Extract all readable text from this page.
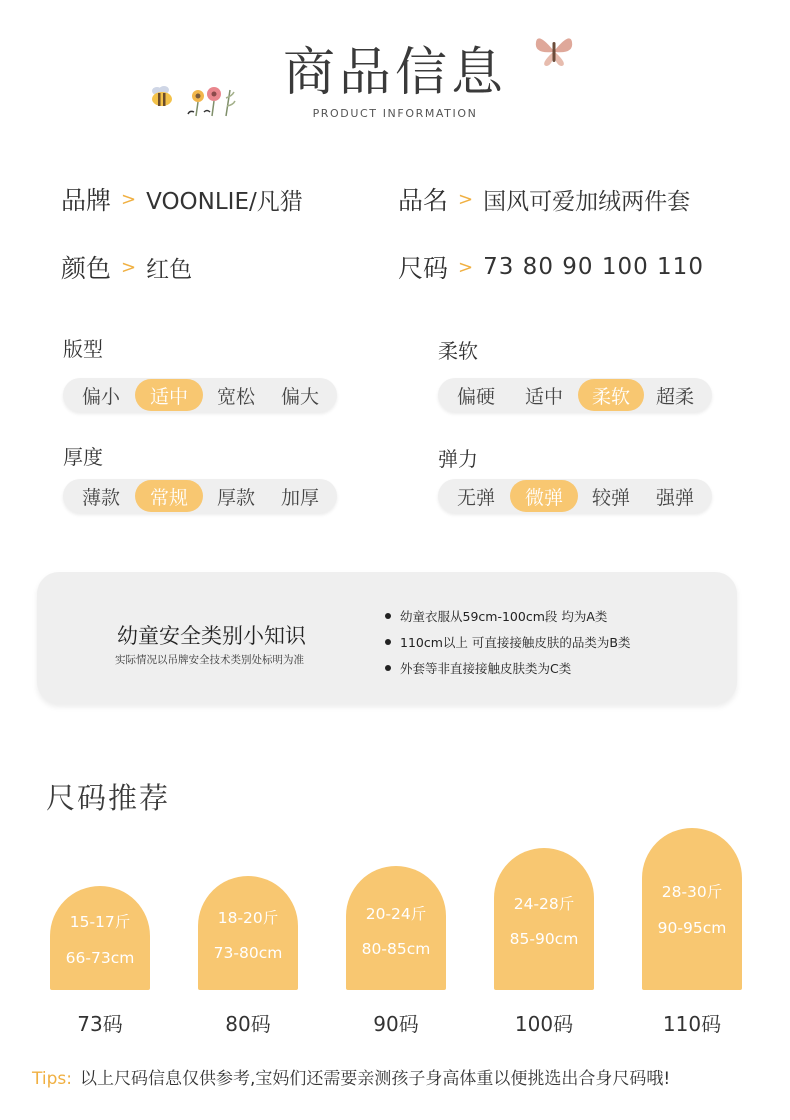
商品信息
PRODUCT INFORMATION
品牌 > VOONLIE/凡猎	品名 > 国风可爱加绒两件套
颜色 > 红色	尺码 > 73 80 90 100 110
版型
偏小	适中	宽松	偏大
柔软
偏硬	适中	柔软	超柔
厚度
薄款	常规	厚款	加厚
弹力
无弹	微弹	较弹	强弹
幼童安全类别小知识
实际情况以吊牌安全技术类别处标明为准
幼童衣服从59cm-100cm段 均为A类
110cm以上 可直接接触皮肤的品类为B类
外套等非直接接触皮肤类为C类
尺码推荐
15-17斤
66-73cm
73码
18-20斤
73-80cm
80码
20-24斤
80-85cm
90码
24-28斤
85-90cm
100码
28-30斤
90-95cm
110码
Tips: 以上尺码信息仅供参考,宝妈们还需要亲测孩子身高体重以便挑选出合身尺码哦!
